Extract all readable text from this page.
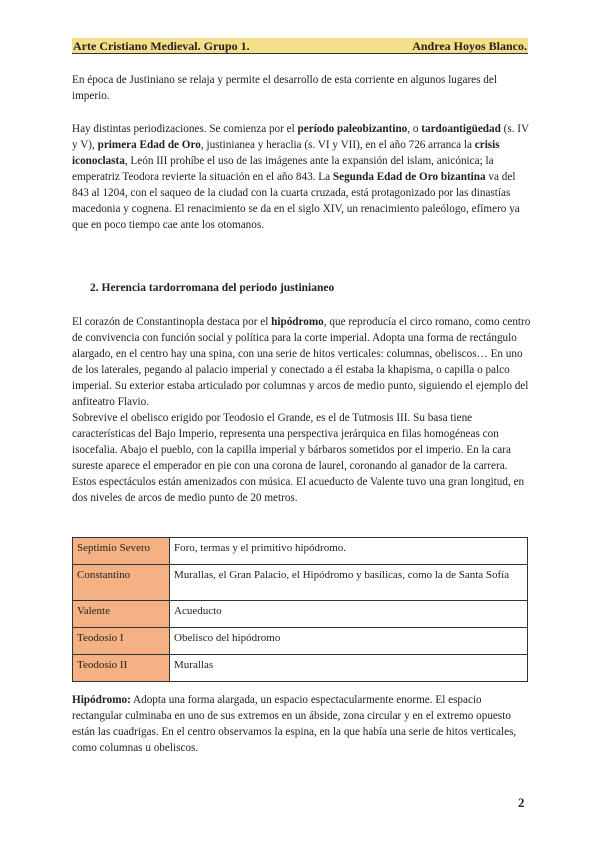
Arte Cristiano Medieval. Grupo 1.	Andrea Hoyos Blanco.

En época de Justiniano se relaja y permite el desarrollo de esta corriente en algunos lugares del imperio.

Hay distintas periodizaciones. Se comienza por el período paleobizantino, o tardoantigüedad (s. IV y V), primera Edad de Oro, justinianea y heraclia (s. VI y VII), en el año 726 arranca la crisis iconoclasta, León III prohíbe el uso de las imágenes ante la expansión del islam, anicónica; la emperatriz Teodora revierte la situación en el año 843. La Segunda Edad de Oro bizantina va del 843 al 1204, con el saqueo de la ciudad con la cuarta cruzada, está protagonizado por las dinastías macedonia y cognena. El renacimiento se da en el siglo XIV, un renacimiento paleólogo, efímero ya que en poco tiempo cae ante los otomanos.

2. Herencia tardorromana del periodo justinianeo

El corazón de Constantinopla destaca por el hipódromo, que reproducía el circo romano, como centro de convivencia con función social y política para la corte imperial. Adopta una forma de rectángulo alargado, en el centro hay una spina, con una serie de hitos verticales: columnas, obeliscos… En uno de los laterales, pegando al palacio imperial y conectado a él estaba la khapisma, o capilla o palco imperial. Su exterior estaba articulado por columnas y arcos de medio punto, siguiendo el ejemplo del anfiteatro Flavio.

Sobrevive el obelisco erigido por Teodosio el Grande, es el de Tutmosis III. Su basa tiene características del Bajo Imperio, representa una perspectiva jerárquica en filas homogéneas con isocefalia. Abajo el pueblo, con la capilla imperial y bárbaros sometidos por el imperio. En la cara sureste aparece el emperador en pie con una corona de laurel, coronando al ganador de la carrera. Estos espectáculos están amenizados con música. El acueducto de Valente tuvo una gran longitud, en dos niveles de arcos de medio punto de 20 metros.

Septimio Severo	Foro, termas y el primitivo hipódromo.
Constantino	Murallas, el Gran Palacio, el Hipódromo y basílicas, como la de Santa Sofía
Valente	Acueducto
Teodosio I	Obelisco del hipódromo
Teodosio II	Murallas

Hipódromo: Adopta una forma alargada, un espacio espectacularmente enorme. El espacio rectangular culminaba en uno de sus extremos en un ábside, zona circular y en el extremo opuesto están las cuadrigas. En el centro observamos la espina, en la que había una serie de hitos verticales, como columnas u obeliscos.

2
